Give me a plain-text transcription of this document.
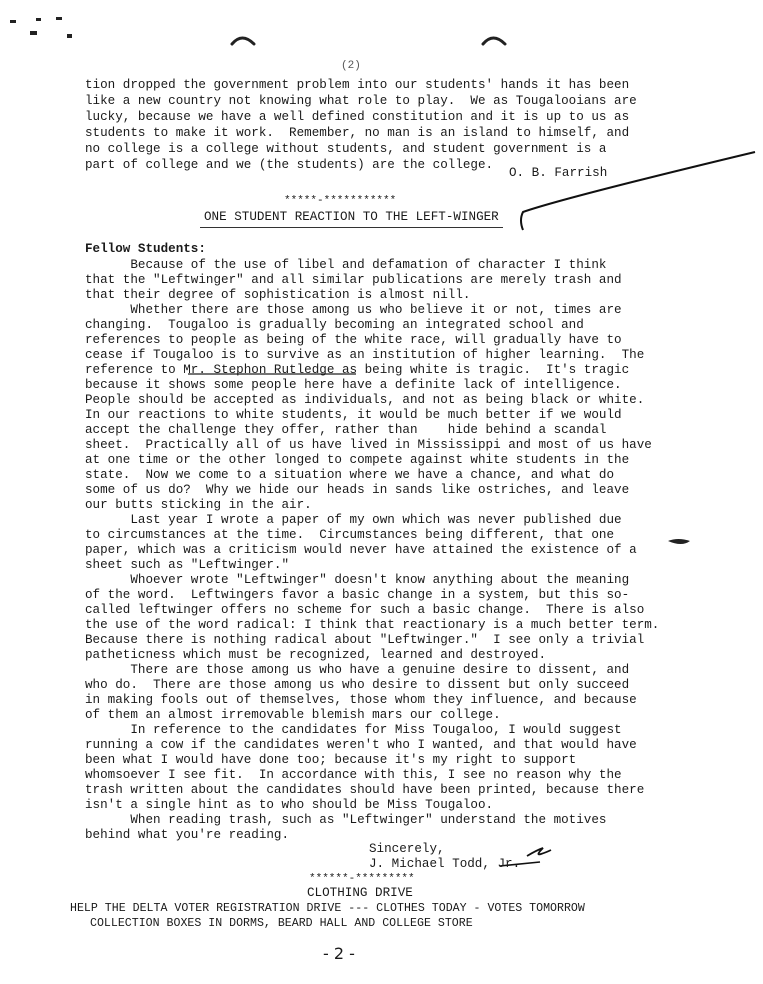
(2)
tion dropped the government problem into our students' hands it has been
like a new country not knowing what role to play.  We as Tougalooians are
lucky, because we have a well defined constitution and it is up to us as
students to make it work.  Remember, no man is an island to himself, and
no college is a college without students, and student government is a
part of college and we (the students) are the college.
O. B. Farrish
*****-***********
ONE STUDENT REACTION TO THE LEFT-WINGER
Fellow Students:
Because of the use of libel and defamation of character I think
that the "Leftwinger" and all similar publications are merely trash and
that their degree of sophistication is almost nill.
Whether there are those among us who believe it or not, times are
changing.  Tougaloo is gradually becoming an integrated school and
references to people as being of the white race, will gradually have to
cease if Tougaloo is to survive as an institution of higher learning.  The
reference to Mr. Stephon Rutledge as being white is tragic.  It's tragic
because it shows some people here have a definite lack of intelligence.
People should be accepted as individuals, and not as being black or white.
In our reactions to white students, it would be much better if we would
accept the challenge they offer, rather than    hide behind a scandal
sheet.  Practically all of us have lived in Mississippi and most of us have
at one time or the other longed to compete against white students in the
state.  Now we come to a situation where we have a chance, and what do
some of us do?  Why we hide our heads in sands like ostriches, and leave
our butts sticking in the air.
Last year I wrote a paper of my own which was never published due
to circumstances at the time.  Circumstances being different, that one
paper, which was a criticism would never have attained the existence of a
sheet such as "Leftwinger."
Whoever wrote "Leftwinger" doesn't know anything about the meaning
of the word.  Leftwingers favor a basic change in a system, but this so-
called leftwinger offers no scheme for such a basic change.  There is also
the use of the word radical: I think that reactionary is a much better term.
Because there is nothing radical about "Leftwinger."  I see only a trivial
patheticness which must be recognized, learned and destroyed.
There are those among us who have a genuine desire to dissent, and
who do.  There are those among us who desire to dissent but only succeed
in making fools out of themselves, those whom they influence, and because
of them an almost irremovable blemish mars our college.
In reference to the candidates for Miss Tougaloo, I would suggest
running a cow if the candidates weren't who I wanted, and that would have
been what I would have done too; because it's my right to support
whomsoever I see fit.  In accordance with this, I see no reason why the
trash written about the candidates should have been printed, because there
isn't a single hint as to who should be Miss Tougaloo.
When reading trash, such as "Leftwinger" understand the motives
behind what you're reading.
Sincerely,
J. Michael Todd, Jr.
******-*********
CLOTHING DRIVE
HELP THE DELTA VOTER REGISTRATION DRIVE --- CLOTHES TODAY - VOTES TOMORROW
COLLECTION BOXES IN DORMS, BEARD HALL AND COLLEGE STORE
- 2 -
